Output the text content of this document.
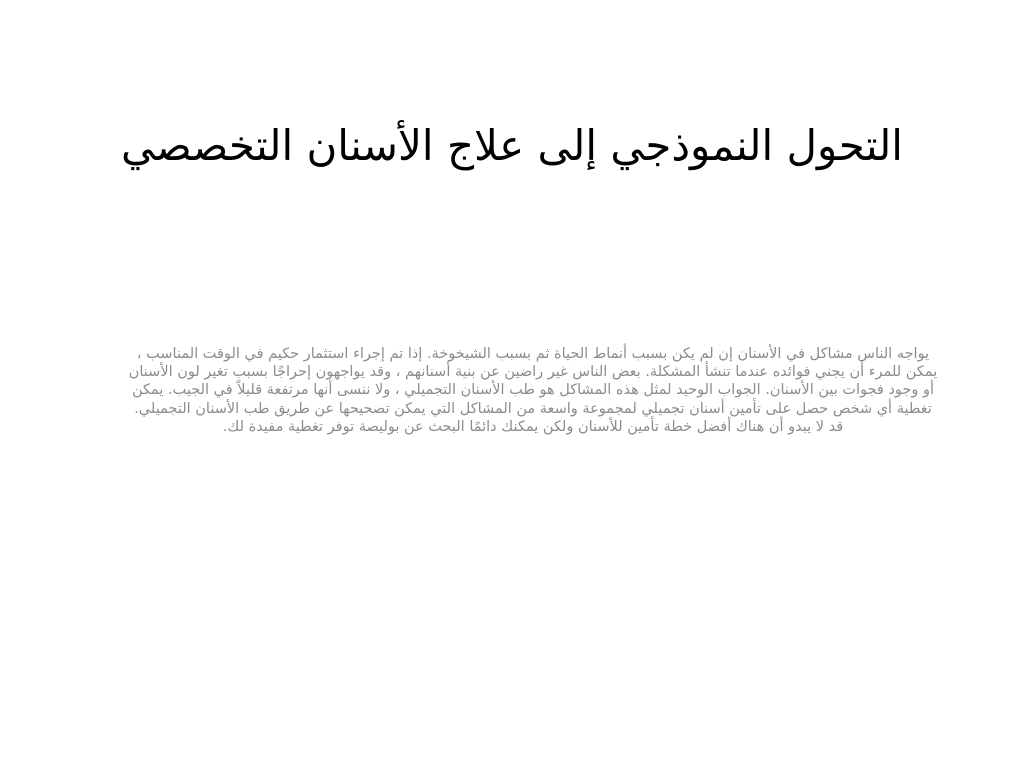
التحول النموذجي إلى علاج الأسنان التخصصي

يواجه الناس مشاكل في الأسنان إن لم يكن بسبب أنماط الحياة ثم بسبب الشيخوخة. إذا تم إجراء استثمار حكيم في الوقت المناسب ، يمكن للمرء أن يجني فوائده عندما تنشأ المشكلة. بعض الناس غير راضين عن بنية أسنانهم ، وقد يواجهون إحراجًا بسبب تغير لون الأسنان أو وجود فجوات بين الأسنان. الجواب الوحيد لمثل هذه المشاكل هو طب الأسنان التجميلي ، ولا ننسى أنها مرتفعة قليلاً في الجيب. يمكن تغطية أي شخص حصل على تأمين أسنان تجميلي لمجموعة واسعة من المشاكل التي يمكن تصحيحها عن طريق طب الأسنان التجميلي. قد لا يبدو أن هناك أفضل خطة تأمين للأسنان ولكن يمكنك دائمًا البحث عن بوليصة توفر تغطية مفيدة لك.
